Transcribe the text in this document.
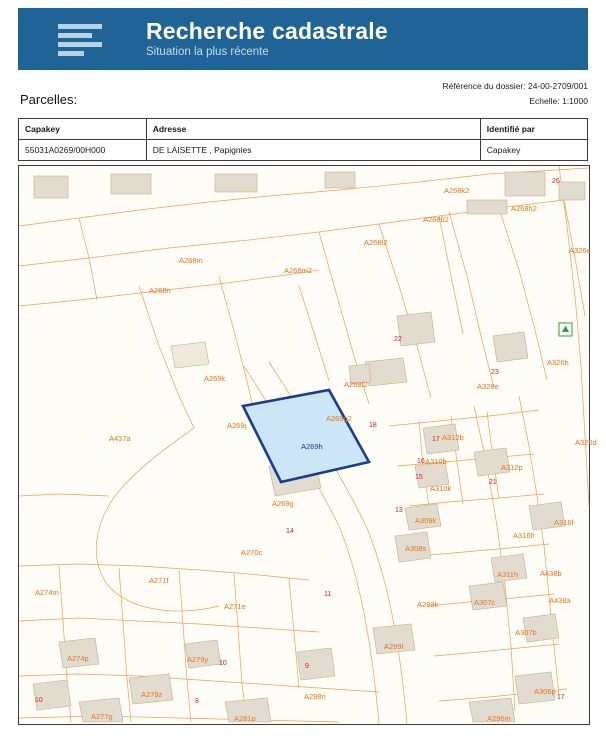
Recherche cadastrale
Situation la plus récente
Référence du dossier: 24-00-2709/001
Echelle: 1:1000
Parcelles:
Capakey	Adresse	Identifié par
55031A0269/00H000	DE LAISETTE , Papignies	Capakey
A268k2
A268h2
26
A268b2
A268l2
A326e
A268m
A268m2
A268n
22
A326h
23
A269k
A268f2	A328e
A269g2
18
A437a
A269j
A269h
A312b
17	A326d
A310b
16
A312p
15
A310k
21
A269g
13
A309k	A316f
14
A308s
A316h
A270c
A271f
A311h	A438b
A274m	11
A271e	A299k	A307c	A438a
A307b
A299l
A274p	A279y 10	9
A306p
17
10
A279z
8
A298n
A277g	A281p	A296m
